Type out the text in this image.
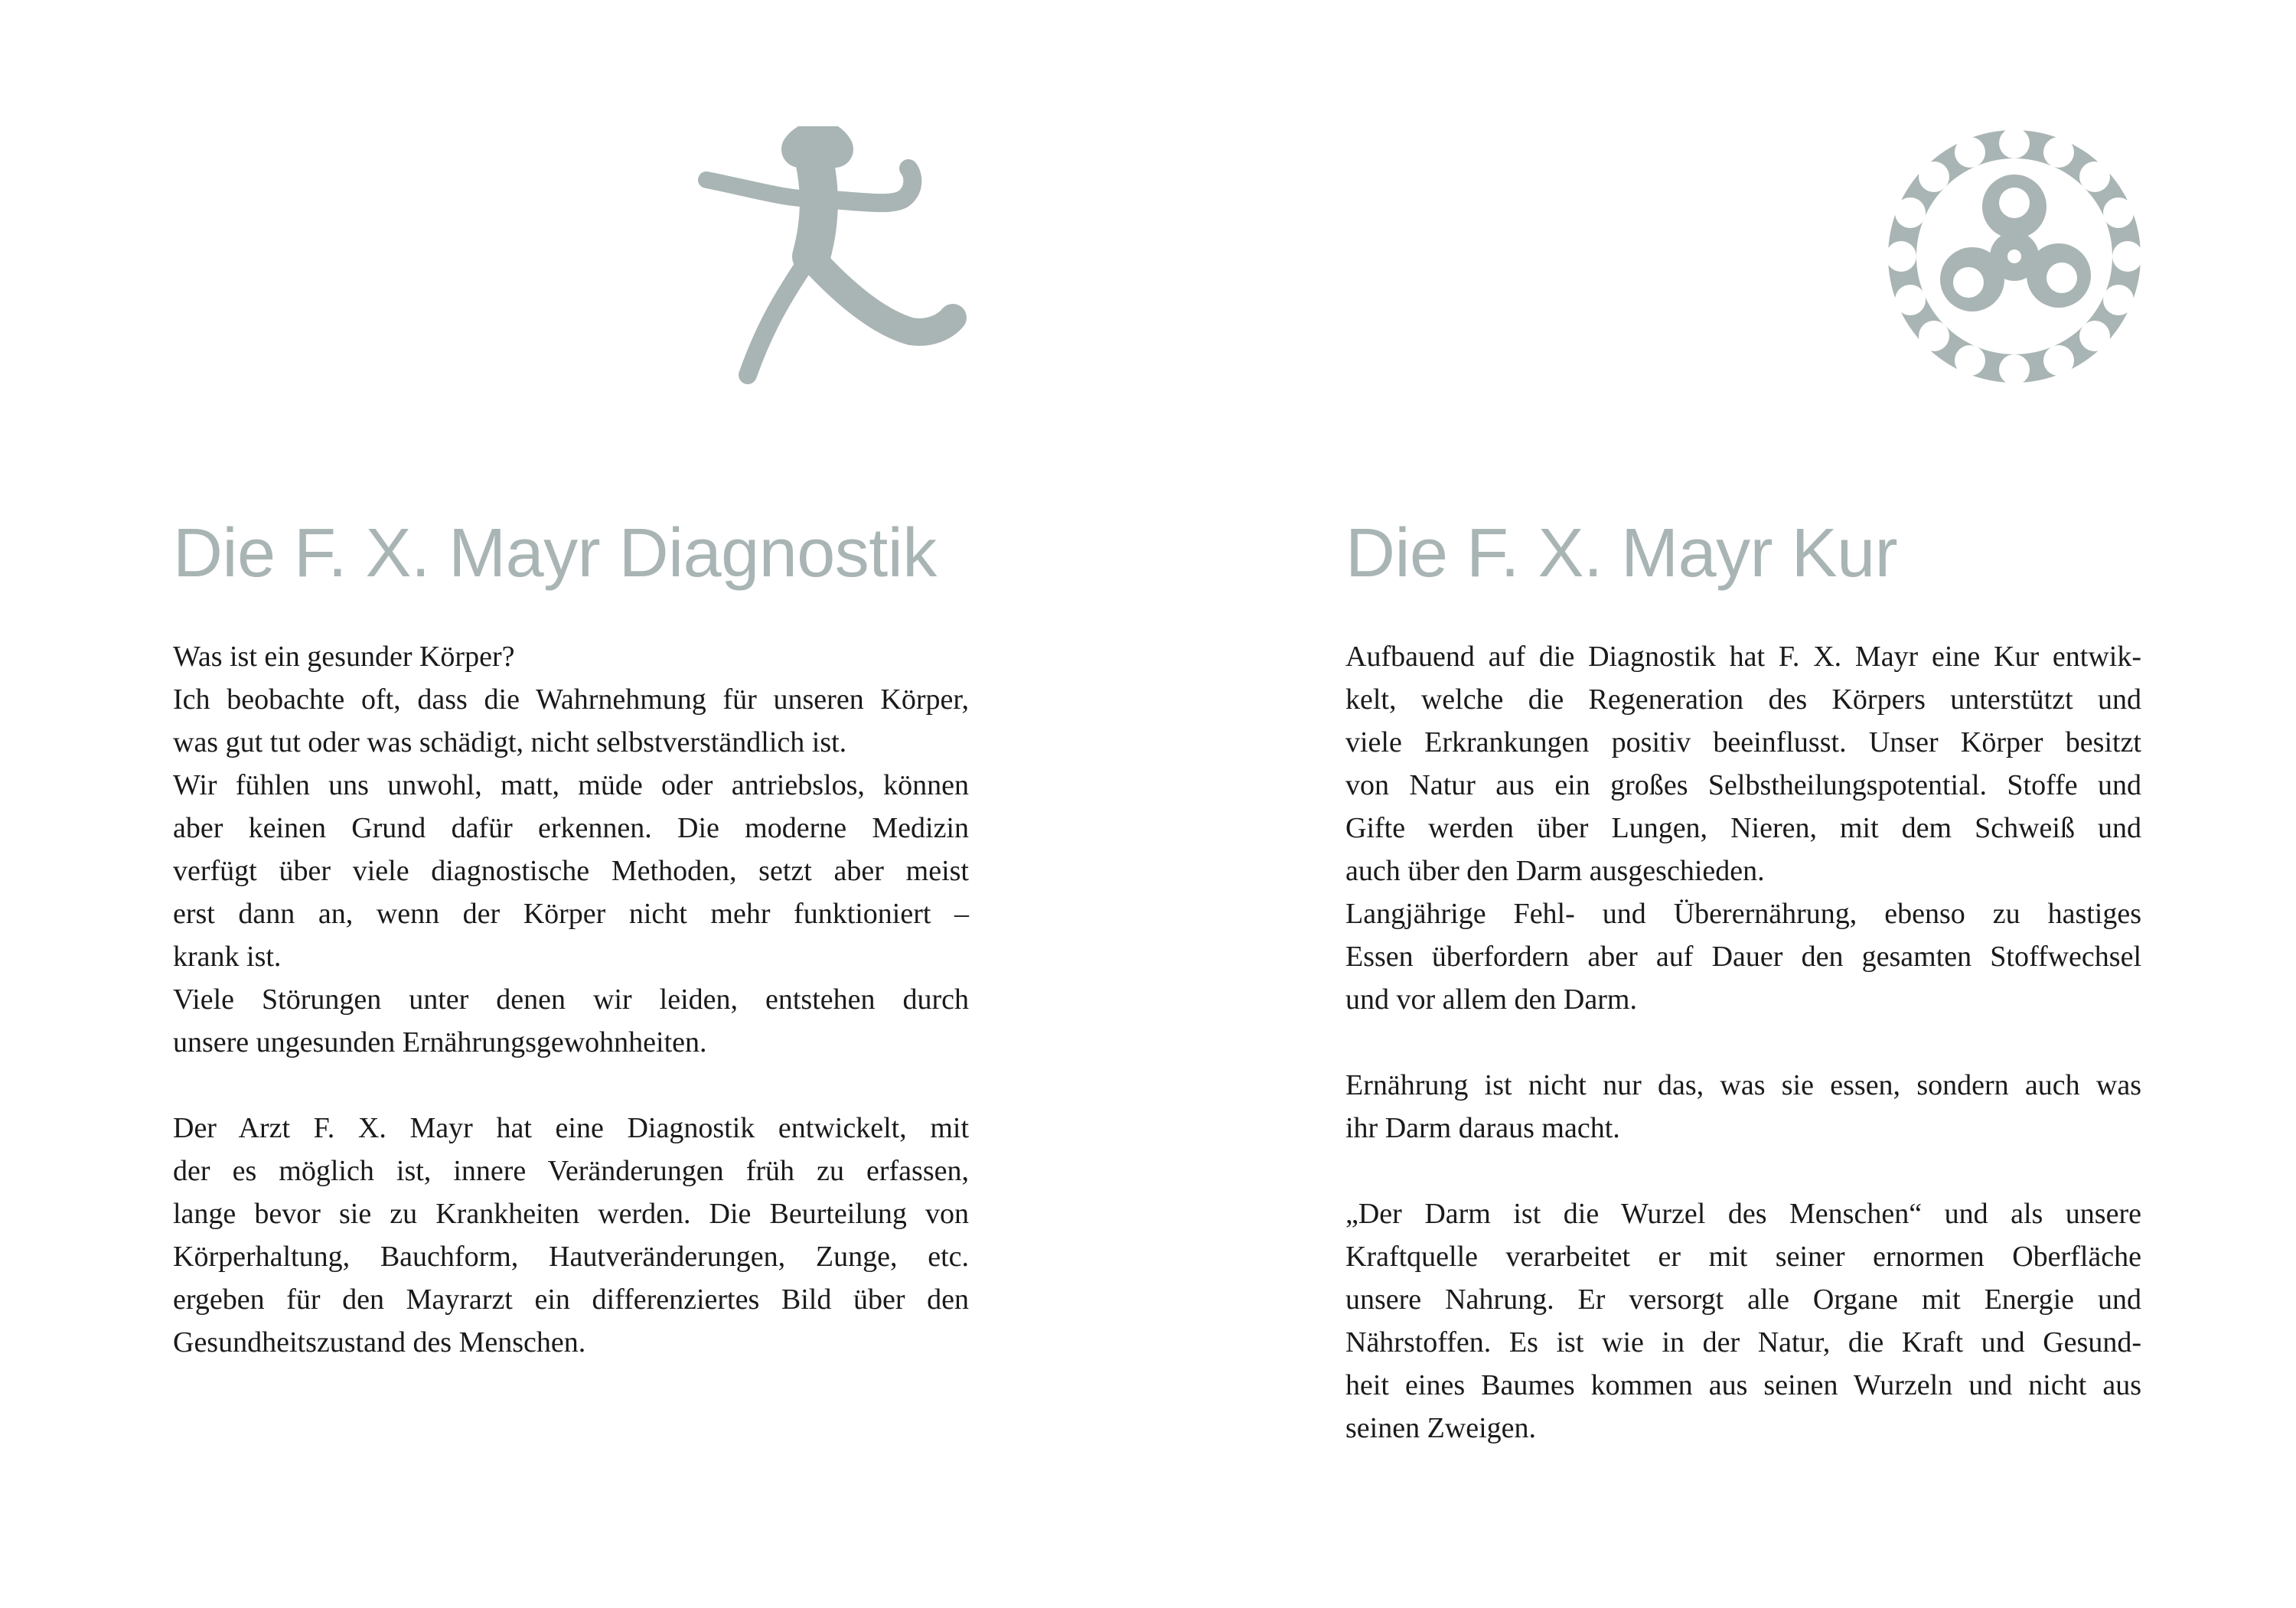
Die F. X. Mayr Diagnostik

Was ist ein gesunder Körper?
Ich beobachte oft, dass die Wahrnehmung für unseren Körper,
was gut tut oder was schädigt, nicht selbstverständlich ist.
Wir fühlen uns unwohl, matt, müde oder antriebslos, können
aber keinen Grund dafür erkennen. Die moderne Medizin
verfügt über viele diagnostische Methoden, setzt aber meist
erst dann an, wenn der Körper nicht mehr funktioniert –
krank ist.
Viele Störungen unter denen wir leiden, entstehen durch
unsere ungesunden Ernährungsgewohnheiten.

Der Arzt F. X. Mayr hat eine Diagnostik entwickelt, mit
der es möglich ist, innere Veränderungen früh zu erfassen,
lange bevor sie zu Krankheiten werden. Die Beurteilung von
Körperhaltung, Bauchform, Hautveränderungen, Zunge, etc.
ergeben für den Mayrarzt ein differenziertes Bild über den
Gesundheitszustand des Menschen.

Die F. X. Mayr Kur

Aufbauend auf die Diagnostik hat F. X. Mayr eine Kur entwik-
kelt, welche die Regeneration des Körpers unterstützt und
viele Erkrankungen positiv beeinflusst. Unser Körper besitzt
von Natur aus ein großes Selbstheilungspotential. Stoffe und
Gifte werden über Lungen, Nieren, mit dem Schweiß und
auch über den Darm ausgeschieden.
Langjährige Fehl- und Überernährung, ebenso zu hastiges
Essen überfordern aber auf Dauer den gesamten Stoffwechsel
und vor allem den Darm.

Ernährung ist nicht nur das, was sie essen, sondern auch was
ihr Darm daraus macht.

„Der Darm ist die Wurzel des Menschen“ und als unsere
Kraftquelle verarbeitet er mit seiner ernormen Oberfläche
unsere Nahrung. Er versorgt alle Organe mit Energie und
Nährstoffen. Es ist wie in der Natur, die Kraft und Gesund-
heit eines Baumes kommen aus seinen Wurzeln und nicht aus
seinen Zweigen.
